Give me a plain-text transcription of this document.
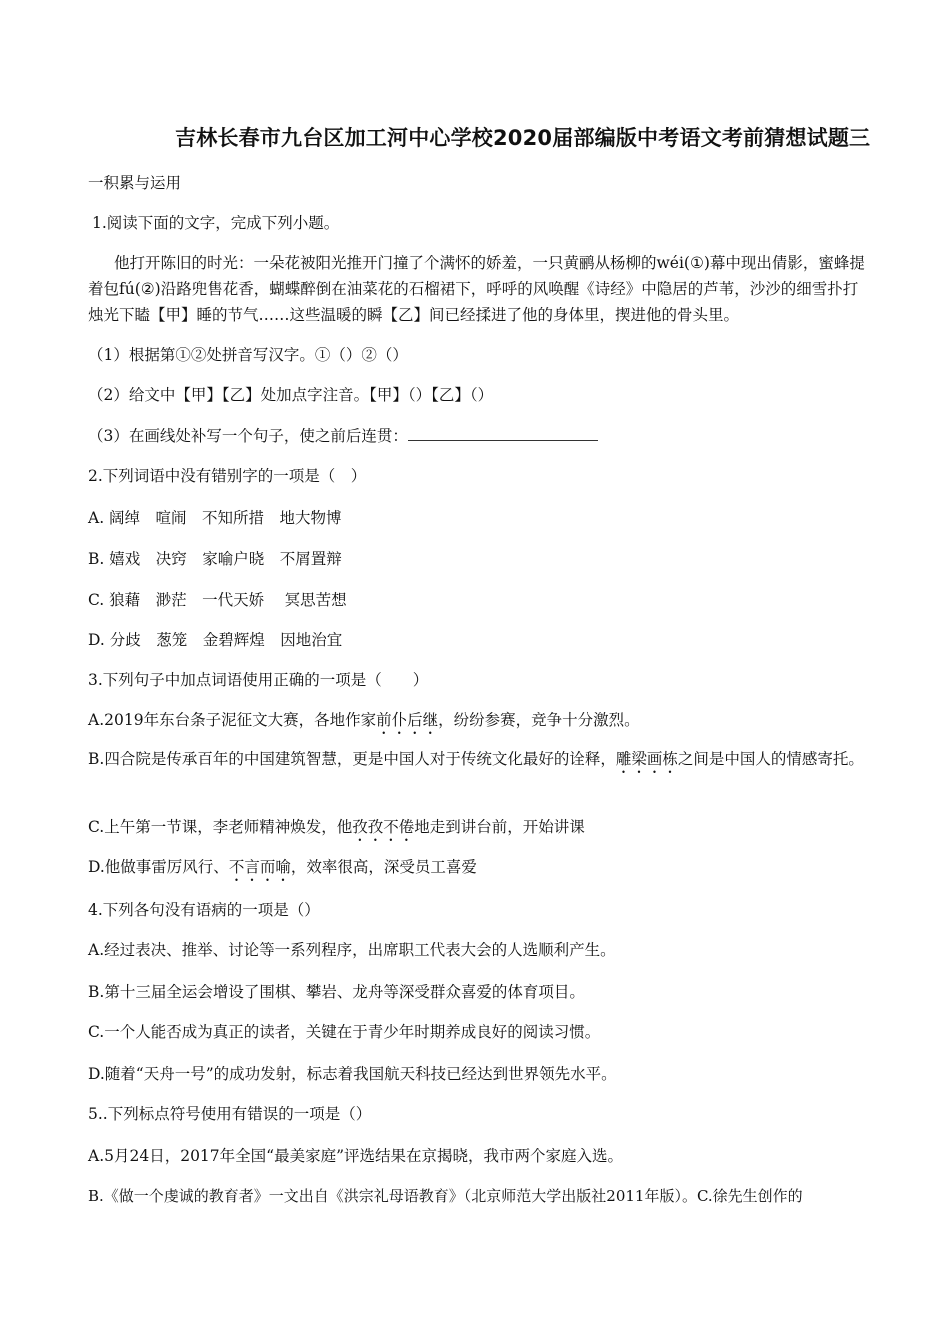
吉林长春市九台区加工河中心学校2020届部编版中考语文考前猜想试题三
一积累与运用
1.阅读下面的文字，完成下列小题。
他打开陈旧的时光：一朵花被阳光推开门撞了个满怀的娇羞，一只黄鹂从杨柳的wéi(①)幕中现出倩影，蜜蜂提着包fú(②)沿路兜售花香，蝴蝶醉倒在油菜花的石榴裙下，呼呼的风唤醒《诗经》中隐居的芦苇，沙沙的细雪扑打烛光下瞌【甲】睡的节气……这些温暖的瞬【乙】间已经揉进了他的身体里，揳进他的骨头里。
（1）根据第①②处拼音写汉字。①（）②（）
（2）给文中【甲】【乙】处加点字注音。【甲】（）【乙】（）
（3）在画线处补写一个句子，使之前后连贯：
2.下列词语中没有错别字的一项是（　）
A. 阔绰　喧闹　不知所措　地大物博
B. 嬉戏　决窍　家喻户晓　不屑置辩
C. 狼藉　渺茫　一代天娇　 冥思苦想
D. 分歧　葱笼　金碧辉煌　因地治宜
3.下列句子中加点词语使用正确的一项是（　　）
A.2019年东台条子泥征文大赛，各地作家前仆后继，纷纷参赛，竞争十分激烈。
B.四合院是传承百年的中国建筑智慧，更是中国人对于传统文化最好的诠释，雕梁画栋之间是中国人的情感寄托。
C.上午第一节课，李老师精神焕发，他孜孜不倦地走到讲台前，开始讲课
D.他做事雷厉风行、不言而喻，效率很高，深受员工喜爱
4.下列各句没有语病的一项是（）
A.经过表决、推举、讨论等一系列程序，出席职工代表大会的人选顺利产生。
B.第十三届全运会增设了围棋、攀岩、龙舟等深受群众喜爱的体育项目。
C.一个人能否成为真正的读者，关键在于青少年时期养成良好的阅读习惯。
D.随着“天舟一号”的成功发射，标志着我国航天科技已经达到世界领先水平。
5..下列标点符号使用有错误的一项是（）
A.5月24日，2017年全国“最美家庭”评选结果在京揭晓，我市两个家庭入选。
B.《做一个虔诚的教育者》一文出自《洪宗礼母语教育》（北京师范大学出版社2011年版）。C.徐先生创作的
